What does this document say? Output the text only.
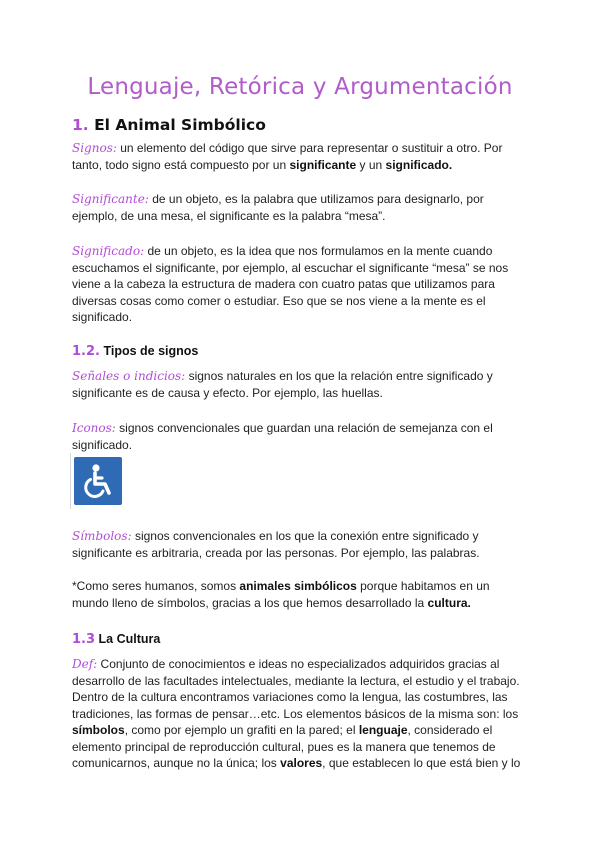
Lenguaje, Retórica y Argumentación
1. El Animal Simbólico
Signos: un elemento del código que sirve para representar o sustituir a otro. Por tanto, todo signo está compuesto por un significante y un significado.
Significante: de un objeto, es la palabra que utilizamos para designarlo, por ejemplo, de una mesa, el significante es la palabra “mesa”.
Significado: de un objeto, es la idea que nos formulamos en la mente cuando escuchamos el significante, por ejemplo, al escuchar el significante “mesa” se nos viene a la cabeza la estructura de madera con cuatro patas que utilizamos para diversas cosas como comer o estudiar. Eso que se nos viene a la mente es el significado.
1.2. Tipos de signos
Señales o indicios: signos naturales en los que la relación entre significado y significante es de causa y efecto. Por ejemplo, las huellas.
Iconos: signos convencionales que guardan una relación de semejanza con el significado.
Símbolos: signos convencionales en los que la conexión entre significado y significante es arbitraria, creada por las personas. Por ejemplo, las palabras.
*Como seres humanos, somos animales simbólicos porque habitamos en un mundo lleno de símbolos, gracias a los que hemos desarrollado la cultura.
1.3 La Cultura
Def: Conjunto de conocimientos e ideas no especializados adquiridos gracias al desarrollo de las facultades intelectuales, mediante la lectura, el estudio y el trabajo. Dentro de la cultura encontramos variaciones como la lengua, las costumbres, las tradiciones, las formas de pensar…etc. Los elementos básicos de la misma son: los símbolos, como por ejemplo un grafiti en la pared; el lenguaje, considerado el elemento principal de reproducción cultural, pues es la manera que tenemos de comunicarnos, aunque no la única; los valores, que establecen lo que está bien y lo
